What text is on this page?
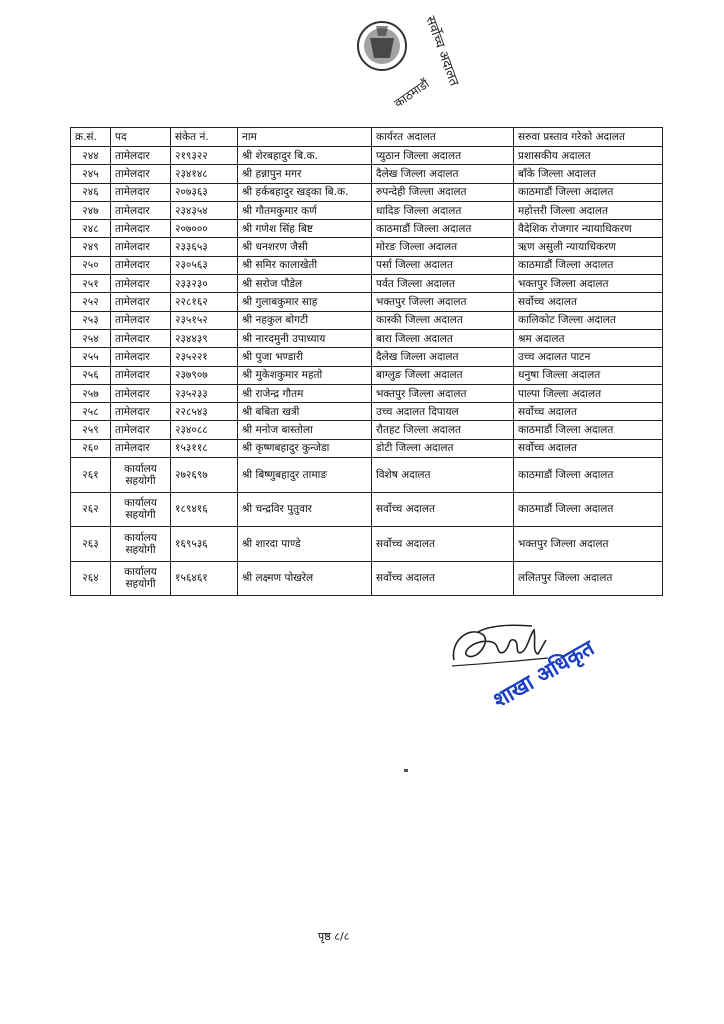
सर्वोच्च अदालत
काठमाडौं
क्र.सं.	पद	संकेत नं.	नाम	कार्यरत अदालत	सरुवा प्रस्ताव गरेको अदालत
२४४	तामेलदार	२१९३२२	श्री शेरबहादुर बि.क.	प्युठान जिल्ला अदालत	प्रशासकीय अदालत
२४५	तामेलदार	२३४१४८	श्री हन्नापुन मगर	दैलेख जिल्ला अदालत	बाँके जिल्ला अदालत
२४६	तामेलदार	२०७३६३	श्री हर्कबहादुर खड्का बि.क.	रुपन्देही जिल्ला अदालत	काठमाडौं जिल्ला अदालत
२४७	तामेलदार	२३४३५४	श्री गौतमकुमार कर्ण	धादिङ जिल्ला अदालत	महोत्तरी जिल्ला अदालत
२४८	तामेलदार	२०७०००	श्री गणेश सिंह बिष्ट	काठमाडौं जिल्ला अदालत	वैदेशिक रोजगार न्यायाधिकरण
२४९	तामेलदार	२३३६५३	श्री धनशरण जैसी	मोरङ जिल्ला अदालत	ऋण असुली न्यायाधिकरण
२५०	तामेलदार	२३०५६३	श्री समिर कालाखेती	पर्सा जिल्ला अदालत	काठमाडौं जिल्ला अदालत
२५१	तामेलदार	२३३२३०	श्री सरोज पौडेल	पर्वत जिल्ला अदालत	भक्तपुर जिल्ला अदालत
२५२	तामेलदार	२२८१६२	श्री गुलाबकुमार साह	भक्तपुर जिल्ला अदालत	सर्वोच्च अदालत
२५३	तामेलदार	२३५१५२	श्री नहकुल बोगटी	कास्की जिल्ला अदालत	कालिकोट जिल्ला अदालत
२५४	तामेलदार	२३४४३९	श्री नारदमुनी उपाध्याय	बारा जिल्ला अदालत	श्रम अदालत
२५५	तामेलदार	२३५२२१	श्री पुजा भण्डारी	दैलेख जिल्ला अदालत	उच्च अदालत पाटन
२५६	तामेलदार	२३७९०७	श्री मुकेशकुमार महतो	बाग्लुङ जिल्ला अदालत	धनुषा जिल्ला अदालत
२५७	तामेलदार	२३५२३३	श्री राजेन्द्र गौतम	भक्तपुर जिल्ला अदालत	पाल्पा जिल्ला अदालत
२५८	तामेलदार	२२८५४३	श्री बबिता खत्री	उच्च अदालत दिपायल	सर्वोच्च अदालत
२५९	तामेलदार	२३४०८८	श्री मनोज बास्तोला	रौतहट जिल्ला अदालत	काठमाडौं जिल्ला अदालत
२६०	तामेलदार	१५३११८	श्री कृष्णबहादुर कुन्जेडा	डोटी जिल्ला अदालत	सर्वोच्च अदालत
२६१	कार्यालय
सहयोगी	२७२६९७	श्री बिष्णुबहादुर तामाङ	विशेष अदालत	काठमाडौं जिल्ला अदालत
२६२	कार्यालय
सहयोगी	१८९४१६	श्री चन्द्रविर पुतुवार	सर्वोच्च अदालत	काठमाडौं जिल्ला अदालत
२६३	कार्यालय
सहयोगी	१६९५३६	श्री शारदा पाण्डे	सर्वोच्च अदालत	भक्तपुर जिल्ला अदालत
२६४	कार्यालय
सहयोगी	१५६४६१	श्री लक्ष्मण पोखरेल	सर्वोच्च अदालत	ललितपुर जिल्ला अदालत
शाखा अधिकृत
पृष्ठ ८/८
